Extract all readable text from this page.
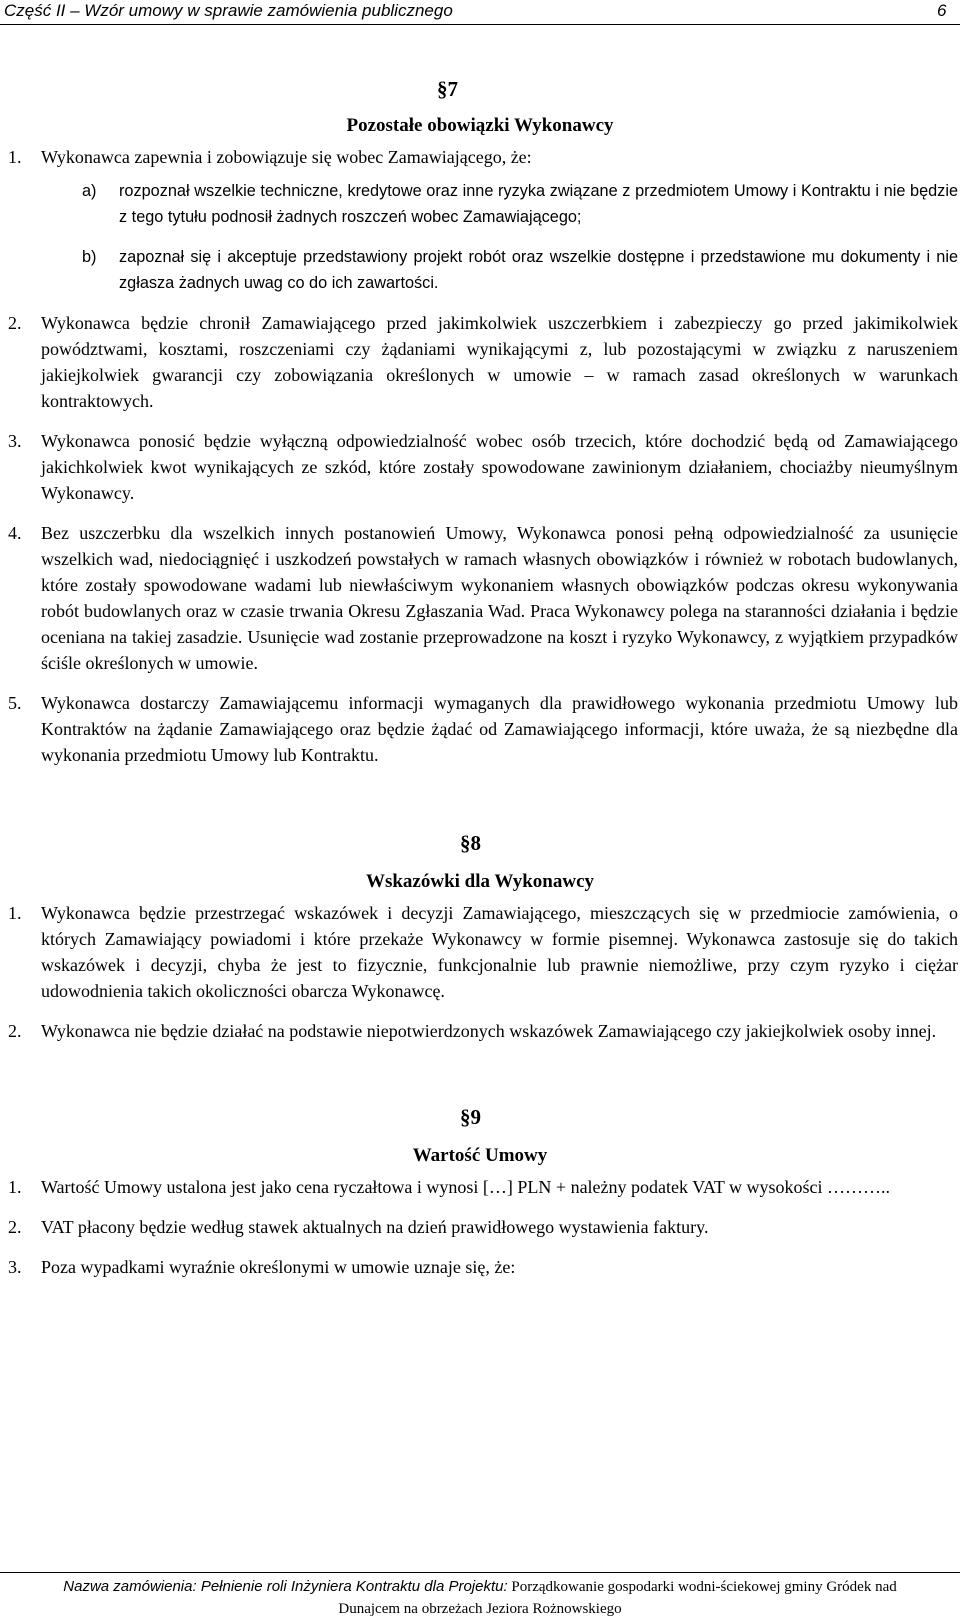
Część II – Wzór umowy w sprawie zamówienia publicznego	6
§7
Pozostałe obowiązki Wykonawcy
1.	Wykonawca zapewnia i zobowiązuje się wobec Zamawiającego, że:
a)	rozpoznał wszelkie techniczne, kredytowe oraz inne ryzyka związane z przedmiotem Umowy i Kontraktu i nie będzie z tego tytułu podnosił żadnych roszczeń wobec Zamawiającego;
b)	zapoznał się i akceptuje przedstawiony projekt robót oraz wszelkie dostępne i przedstawione mu dokumenty i nie zgłasza żadnych uwag co do ich zawartości.
2.	Wykonawca będzie chronił Zamawiającego przed jakimkolwiek uszczerbkiem i zabezpieczy go przed jakimikolwiek powództwami, kosztami, roszczeniami czy żądaniami wynikającymi z, lub pozostającymi w związku z naruszeniem jakiejkolwiek gwarancji czy zobowiązania określonych w umowie – w ramach zasad określonych w warunkach kontraktowych.
3.	Wykonawca ponosić będzie wyłączną odpowiedzialność wobec osób trzecich, które dochodzić będą od Zamawiającego jakichkolwiek kwot wynikających ze szkód, które zostały spowodowane zawinionym działaniem, chociażby nieumyślnym Wykonawcy.
4.	Bez uszczerbku dla wszelkich innych postanowień Umowy, Wykonawca ponosi pełną odpowiedzialność za usunięcie wszelkich wad, niedociągnięć i uszkodzeń powstałych w ramach własnych obowiązków i również w robotach budowlanych, które zostały spowodowane wadami lub niewłaściwym wykonaniem własnych obowiązków podczas okresu wykonywania robót budowlanych oraz w czasie trwania Okresu Zgłaszania Wad. Praca Wykonawcy polega na staranności działania i będzie oceniana na takiej zasadzie. Usunięcie wad zostanie przeprowadzone na koszt i ryzyko Wykonawcy, z wyjątkiem przypadków ściśle określonych w umowie.
5.	Wykonawca dostarczy Zamawiającemu informacji wymaganych dla prawidłowego wykonania przedmiotu Umowy lub Kontraktów na żądanie Zamawiającego oraz będzie żądać od Zamawiającego informacji, które uważa, że są niezbędne dla wykonania przedmiotu Umowy lub Kontraktu.
§8
Wskazówki dla Wykonawcy
1.	Wykonawca będzie przestrzegać wskazówek i decyzji Zamawiającego, mieszczących się w przedmiocie zamówienia, o których Zamawiający powiadomi i które przekaże Wykonawcy w formie pisemnej. Wykonawca zastosuje się do takich wskazówek i decyzji, chyba że jest to fizycznie, funkcjonalnie lub prawnie niemożliwe, przy czym ryzyko i ciężar udowodnienia takich okoliczności obarcza Wykonawcę.
2.	Wykonawca nie będzie działać na podstawie niepotwierdzonych wskazówek Zamawiającego czy jakiejkolwiek osoby innej.
§9
Wartość Umowy
1.	Wartość Umowy ustalona jest jako cena ryczałtowa i wynosi […] PLN + należny podatek VAT w wysokości ………..
2.	VAT płacony będzie według stawek aktualnych na dzień prawidłowego wystawienia faktury.
3.	Poza wypadkami wyraźnie określonymi w umowie uznaje się, że:
Nazwa zamówienia: Pełnienie roli Inżyniera Kontraktu dla Projektu: Porządkowanie gospodarki wodni-ściekowej gminy Gródek nad
Dunajcem na obrzeżach Jeziora Rożnowskiego
